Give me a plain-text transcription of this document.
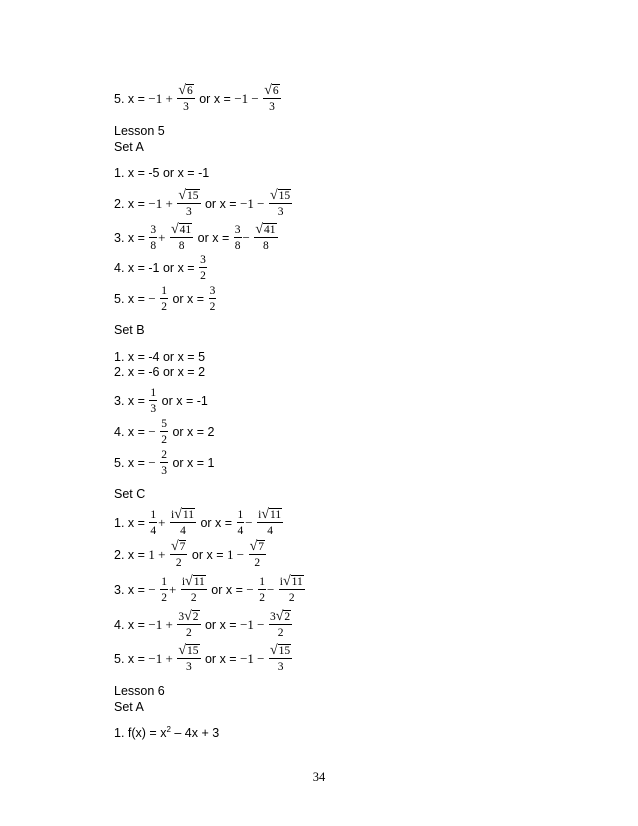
5. $x = -1 + \frac{√6}{3}$ or $x = -1 - \frac{√6}{3}$
Lesson 5
Set A
1. x = -5 or x = -1
2. $x = -1 + \frac{√15}{3}$ or $x = -1 - \frac{√15}{3}$
3. $x = \frac{3}{8} + \frac{√41}{8}$ or $x = \frac{3}{8} - \frac{√41}{8}$
4. x = -1 or $x = \frac{3}{2}$
5. x = − $\frac{1}{2}$ or $x = \frac{3}{2}$
Set B
1. x = -4 or x = 5
2. x = -6 or x = 2
3. $x = \frac{1}{3}$ or x = -1
4. x = − $\frac{5}{2}$ or x = 2
5. x = − $\frac{2}{3}$ or x = 1
Set C
1. $x = \frac{1}{4} + \frac{i√11}{4}$ or $x = \frac{1}{4} - \frac{i√11}{4}$
2. $x = 1 + \frac{√7}{2}$ or $x = 1 - \frac{√7}{2}$
3. x = − $\frac{1}{2} + \frac{i√11}{2}$ or x = − $\frac{1}{2} - \frac{i√11}{2}$
4. $x = -1 + \frac{3√2}{2}$ or $x = -1 - \frac{3√2}{2}$
5. $x = -1 + \frac{√15}{3}$ or $x = -1 - \frac{√15}{3}$
Lesson 6
Set A
1. $f(x) = x^2 - 4x + 3$
34
